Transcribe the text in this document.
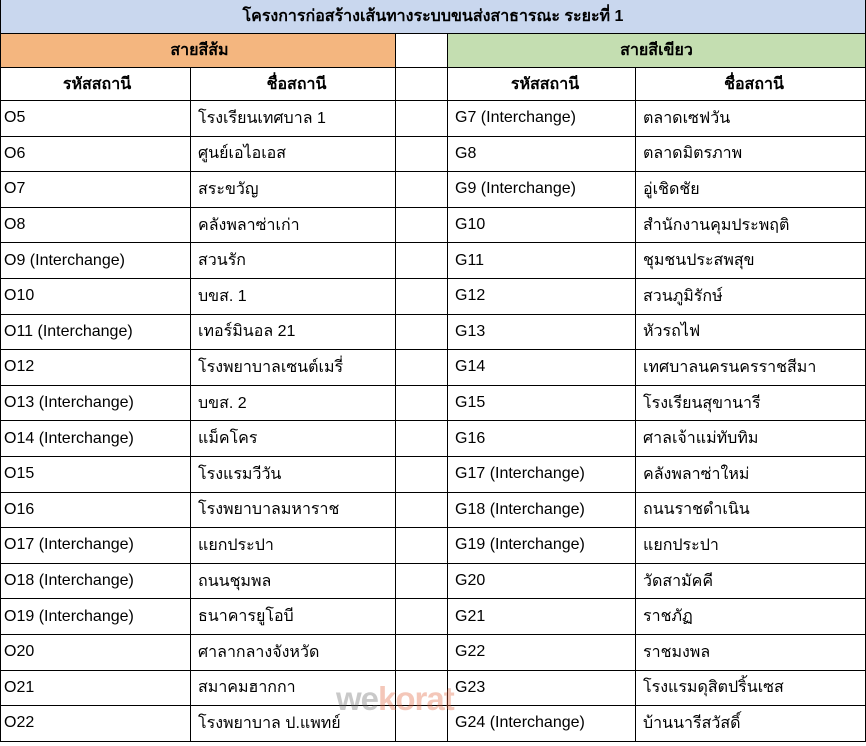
โครงการก่อสร้างเส้นทางระบบขนส่งสาธารณะ ระยะที่ 1
สายสีส้ม	สายสีเขียว
รหัสสถานี	ชื่อสถานี	รหัสสถานี	ชื่อสถานี
O5	โรงเรียนเทศบาล 1	G7 (Interchange)	ตลาดเซฟวัน
O6	ศูนย์เอไอเอส	G8	ตลาดมิตรภาพ
O7	สระขวัญ	G9 (Interchange)	อู่เชิดชัย
O8	คลังพลาซ่าเก่า	G10	สำนักงานคุมประพฤติ
O9 (Interchange)	สวนรัก	G11	ชุมชนประสพสุข
O10	บขส. 1	G12	สวนภูมิรักษ์
O11 (Interchange)	เทอร์มินอล 21	G13	หัวรถไฟ
O12	โรงพยาบาลเซนต์เมรี่	G14	เทศบาลนครนครราชสีมา
O13 (Interchange)	บขส. 2	G15	โรงเรียนสุขานารี
O14 (Interchange)	แม็คโคร	G16	ศาลเจ้าแม่ทับทิม
O15	โรงแรมวีวัน	G17 (Interchange)	คลังพลาซ่าใหม่
O16	โรงพยาบาลมหาราช	G18 (Interchange)	ถนนราชดำเนิน
O17 (Interchange)	แยกประปา	G19 (Interchange)	แยกประปา
O18 (Interchange)	ถนนชุมพล	G20	วัดสามัคคี
O19 (Interchange)	ธนาคารยูโอบี	G21	ราชภัฏ
O20	ศาลากลางจังหวัด	G22	ราชมงพล
O21	สมาคมฮากกา	G23	โรงแรมดุสิตปริ้นเซส
O22	โรงพยาบาล ป.แพทย์	G24 (Interchange)	บ้านนารีสวัสดิ์
wekorat
